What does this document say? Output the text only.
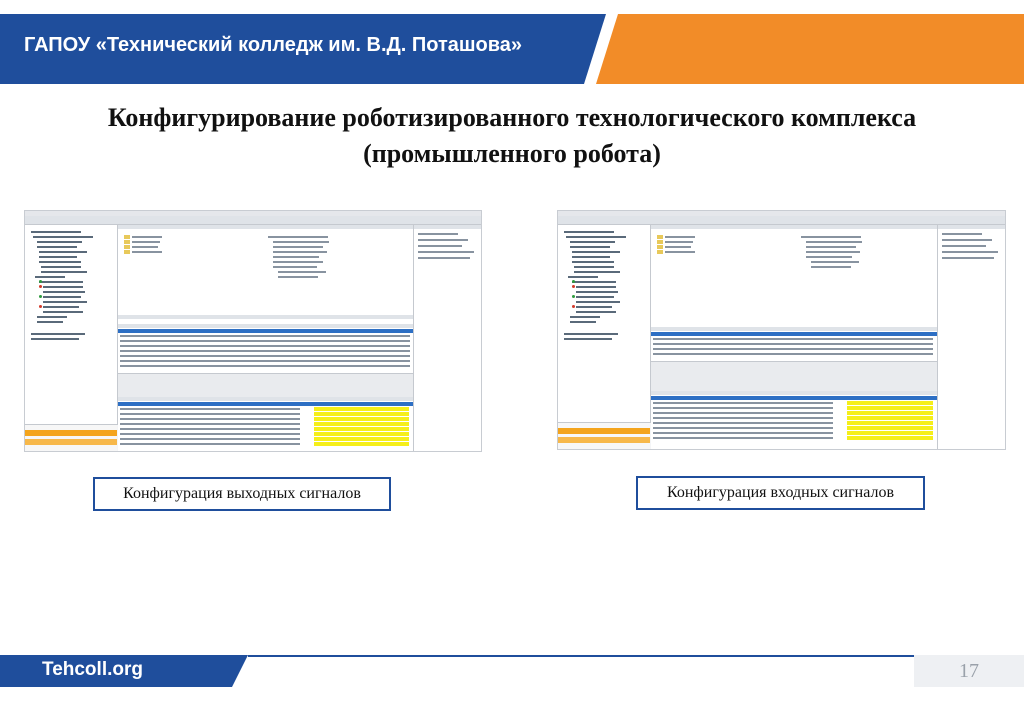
ГАПОУ «Технический колледж им. В.Д. Поташова»
Конфигурирование роботизированного технологического комплекса
(промышленного робота)
Конфигурация выходных сигналов	Конфигурация входных сигналов
Tehcoll.org	17
